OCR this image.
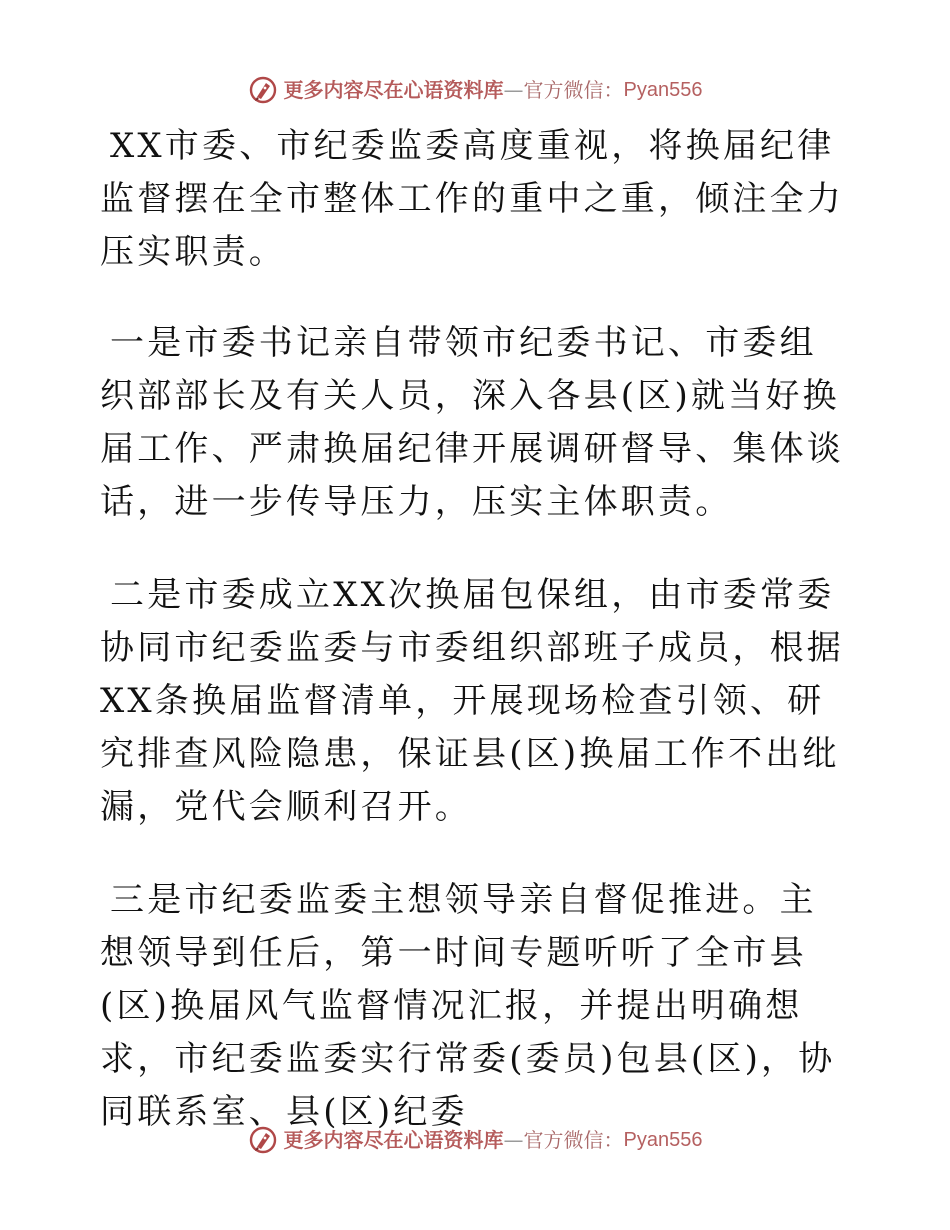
更多内容尽在心语资料库 — 官方微信： Pyan556

XX市委、市纪委监委高度重视，将换届纪律监督摆在全市整体工作的重中之重，倾注全力压实职责。

一是市委书记亲自带领市纪委书记、市委组织部部长及有关人员，深入各县(区)就当好换届工作、严肃换届纪律开展调研督导、集体谈话，进一步传导压力，压实主体职责。

二是市委成立XX次换届包保组，由市委常委协同市纪委监委与市委组织部班子成员，根据XX条换届监督清单，开展现场检查引领、研究排查风险隐患，保证县(区)换届工作不出纰漏，党代会顺利召开。

三是市纪委监委主想领导亲自督促推进。主想领导到任后，第一时间专题听听了全市县(区)换届风气监督情况汇报，并提出明确想求，市纪委监委实行常委(委员)包县(区)，协同联系室、县(区)纪委

更多内容尽在心语资料库 — 官方微信： Pyan556
